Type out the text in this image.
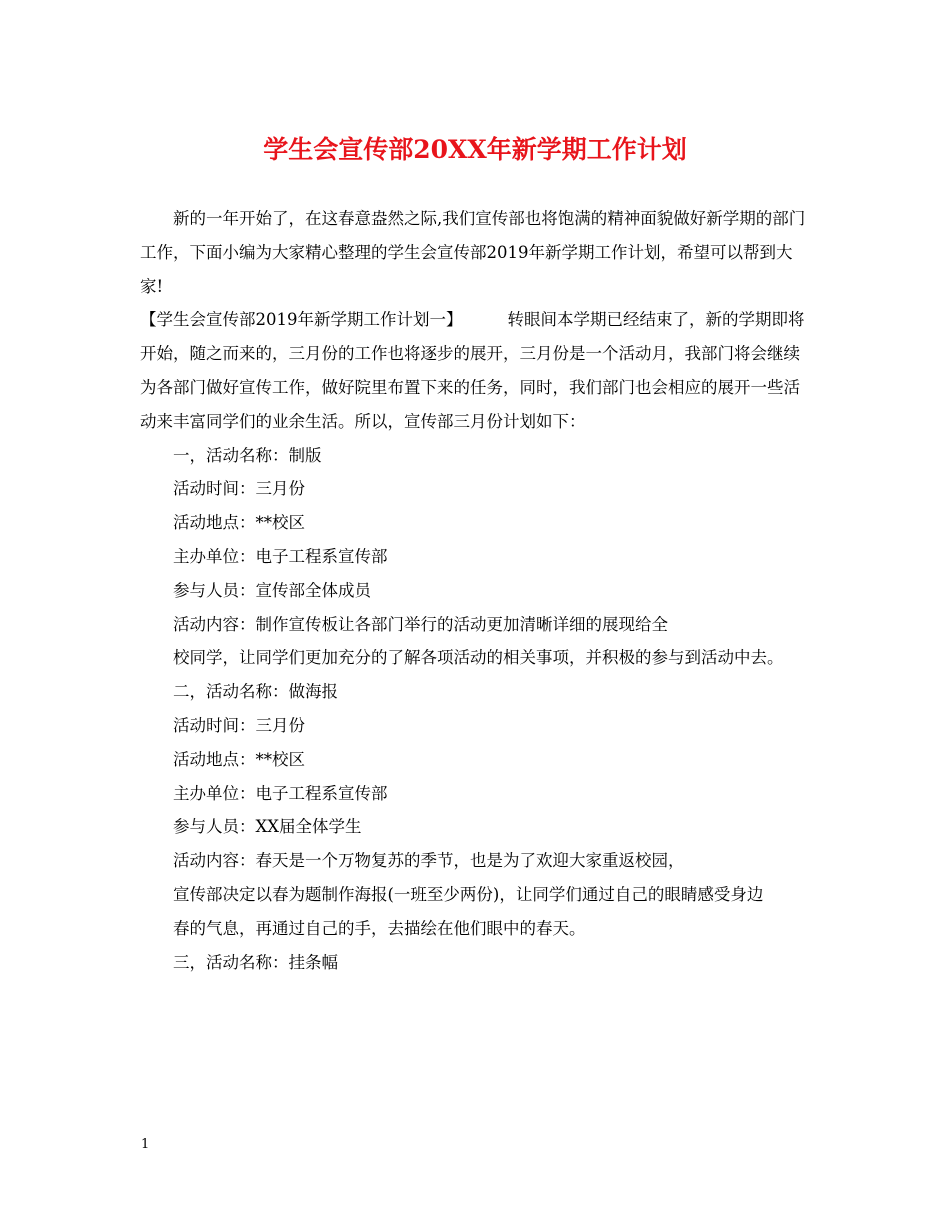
学生会宣传部20XX年新学期工作计划

新的一年开始了，在这春意盎然之际,我们宣传部也将饱满的精神面貌做好新学期的部门工作，下面小编为大家精心整理的学生会宣传部2019年新学期工作计划，希望可以帮到大家!

【学生会宣传部2019年新学期工作计划一】	转眼间本学期已经结束了，新的学期即将开始，随之而来的，三月份的工作也将逐步的展开，三月份是一个活动月，我部门将会继续为各部门做好宣传工作，做好院里布置下来的任务，同时，我们部门也会相应的展开一些活动来丰富同学们的业余生活。所以，宣传部三月份计划如下：

一，活动名称：制版

活动时间：三月份

活动地点：**校区

主办单位：电子工程系宣传部

参与人员：宣传部全体成员

活动内容：制作宣传板让各部门举行的活动更加清晰详细的展现给全

校同学，让同学们更加充分的了解各项活动的相关事项，并积极的参与到活动中去。

二，活动名称：做海报

活动时间：三月份

活动地点：**校区

主办单位：电子工程系宣传部

参与人员：XX届全体学生

活动内容：春天是一个万物复苏的季节，也是为了欢迎大家重返校园，

宣传部决定以春为题制作海报(一班至少两份)，让同学们通过自己的眼睛感受身边

春的气息，再通过自己的手，去描绘在他们眼中的春天。

三，活动名称：挂条幅

1
